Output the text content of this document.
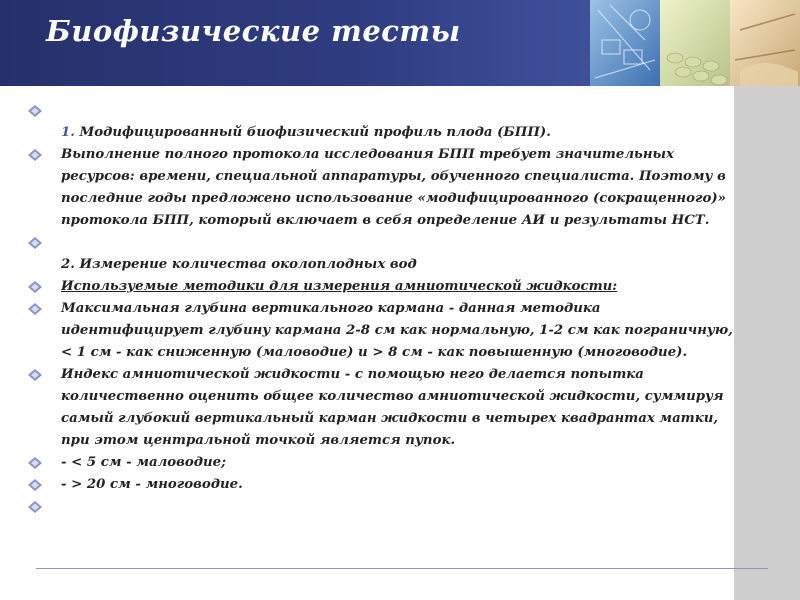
Биофизические тесты

1. Модифицированный биофизический профиль плода (БПП).
Выполнение полного протокола исследования БПП требует значительных ресурсов: времени, специальной аппаратуры, обученного специалиста. Поэтому в последние годы предложено использование «модифицированного (сокращенного)» протокола БПП, который включает в себя определение АИ и результаты НСТ.

2. Измерение количества околоплодных вод
Используемые методики для измерения амниотической жидкости:
Максимальная глубина вертикального кармана - данная методика идентифицирует глубину кармана 2-8 см как нормальную, 1-2 см как пограничную, < 1 см - как сниженную (маловодие) и > 8 см - как повышенную (многоводие).
Индекс амниотической жидкости - с помощью него делается попытка количественно оценить общее количество амниотической жидкости, суммируя самый глубокий вертикальный карман жидкости в четырех квадрантах матки, при этом центральной точкой является пупок.
- < 5 см - маловодие;
- > 20 см - многоводие.
